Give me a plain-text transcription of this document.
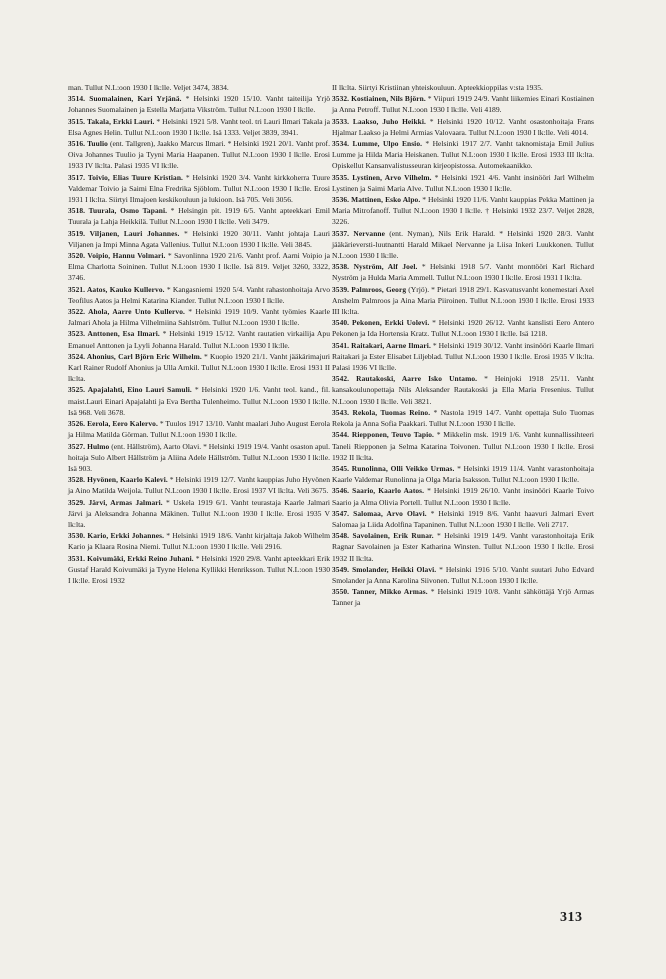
man. Tullut N.L:oon 1930 I lk:lle. Veljet 3474, 3834.

3514. Suomalainen, Kari Yrjänä. * Helsinki 1920 15/10. Vanht taiteilija Yrjö Johannes Suomalainen ja Estella Marjatta Vikström. Tullut N.L:oon 1930 I lk:lle.

3515. Takala, Erkki Lauri. * Helsinki 1921 5/8. Vanht teol. tri Lauri Ilmari Takala ja Elsa Agnes Helin. Tullut N.L:oon 1930 I lk:lle. Isä 1333. Veljet 3839, 3941.

3516. Tuulio (ent. Tallgren), Jaakko Marcus Ilmari. * Helsinki 1921 20/1. Vanht prof. Oiva Johannes Tuulio ja Tyyni Maria Haapanen. Tullut N.L:oon 1930 I lk:lle. Erosi 1933 IV lk:lta. Palasi 1935 VI lk:lle.

3517. Toivio, Elias Tuure Kristian. * Helsinki 1920 3/4. Vanht kirkkoherra Tuure Valdemar Toivio ja Saimi Elna Fredrika Sjöblom. Tullut N.L:oon 1930 I lk:lle. Erosi 1931 I lk:lta. Siirtyi Ilmajoen keskikouluun ja lukioon. Isä 705. Veli 3056.

3518. Tuurala, Osmo Tapani. * Helsingin pit. 1919 6/5. Vanht apteekkari Emil Tuurala ja Lahja Heikkilä. Tullut N.L:oon 1930 I lk:lle. Veli 3479.

3519. Viljanen, Lauri Johannes. * Helsinki 1920 30/11. Vanht johtaja Lauri Viljanen ja Impi Minna Agata Vallenius. Tullut N.L:oon 1930 I lk:lle. Veli 3845.

3520. Voipio, Hannu Volmari. * Savonlinna 1920 21/6. Vanht prof. Aarni Voipio ja Elma Charlotta Soininen. Tullut N.L:oon 1930 I lk:lle. Isä 819. Veljet 3260, 3322, 3746.

3521. Aatos, Kauko Kullervo. * Kangasniemi 1920 5/4. Vanht rahastonhoitaja Arvo Teofilus Aatos ja Helmi Katarina Kiander. Tullut N.L:oon 1930 I lk:lle.

3522. Ahola, Aarre Unto Kullervo. * Helsinki 1919 10/9. Vanht työmies Kaarle Jalmari Ahola ja Hilma Vilhelmiina Sahlström. Tullut N.L:oon 1930 I lk:lle.

3523. Anttonen, Esa Ilmari. * Helsinki 1919 15/12. Vanht rautatien virkailija Apu Emanuel Anttonen ja Lyyli Johanna Harald. Tullut N.L:oon 1930 I lk:lle.

3524. Ahonius, Carl Björn Eric Wilhelm. * Kuopio 1920 21/1. Vanht jääkärimajuri Karl Rainer Rudolf Ahonius ja Ulla Arnkil. Tullut N.L:oon 1930 I lk:lle. Erosi 1931 II lk:lta.

3525. Apajalahti, Eino Lauri Samuli. * Helsinki 1920 1/6. Vanht teol. kand., fil. maist.Lauri Einari Apajalahti ja Eva Bertha Tulenheimo. Tullut N.L:oon 1930 I lk:lle. Isä 968. Veli 3678.

3526. Eerola, Eero Kalervo. * Tuulos 1917 13/10. Vanht maalari Juho August Eerola ja Hilma Matilda Görman. Tullut N.L:oon 1930 I lk:lle.

3527. Hulmo (ent. Hällström), Aarto Olavi. * Helsinki 1919 19/4. Vanht osaston apul. hoitaja Sulo Albert Hällström ja Aliina Adele Hällström. Tullut N.L:oon 1930 I lk:lle. Isä 903.

3528. Hyvönen, Kaarlo Kalevi. * Helsinki 1919 12/7. Vanht kauppias Juho Hyvönen ja Aino Matilda Weijola. Tullut N.L:oon 1930 I lk:lle. Erosi 1937 VI lk:lta. Veli 3675.

3529. Järvi, Armas Jalmari. * Uskela 1919 6/1. Vanht teurastaja Kaarle Jalmari Järvi ja Aleksandra Johanna Mäkinen. Tullut N.L:oon 1930 I lk:lle. Erosi 1935 V lk:lta.

3530. Kario, Erkki Johannes. * Helsinki 1919 18/6. Vanht kirjaltaja Jakob Wilhelm Kario ja Klaara Rosina Niemi. Tullut N.L:oon 1930 I lk:lle. Veli 2916.

3531. Koivumäki, Erkki Reino Juhani. * Helsinki 1920 29/8. Vanht apteekkari Erik Gustaf Harald Koivumäki ja Tyyne Helena Kyllikki Henriksson. Tullut N.L:oon 1930 I lk:lle. Erosi 1932

II lk:lta. Siirtyi Kristiinan yhteiskouluun. Apteekkioppilas v:sta 1935.

3532. Kostiainen, Nils Björn. * Viipuri 1919 24/9. Vanht liikemies Einari Kostiainen ja Anna Petroff. Tullut N.L:oon 1930 I lk:lle. Veli 4189.

3533. Laakso, Juho Heikki. * Helsinki 1920 10/12. Vanht osastonhoitaja Frans Hjalmar Laakso ja Helmi Armias Valovaara. Tullut N.L:oon 1930 I lk:lle. Veli 4014.

3534. Lumme, Ulpo Ensio. * Helsinki 1917 2/7. Vanht taknomistaja Emil Julius Lumme ja Hilda Maria Heiskanen. Tullut N.L:oon 1930 I lk:lle. Erosi 1933 III lk:lta. Opiskellut Kansanvalistusseuran kirjeopistossa. Automekaanikko.

3535. Lystinen, Arvo Vilhelm. * Helsinki 1921 4/6. Vanht insinööri Jarl Wilhelm Lystinen ja Saimi Maria Alve. Tullut N.L:oon 1930 I lk:lle.

3536. Mattinen, Esko Alpo. * Helsinki 1920 11/6. Vanht kauppias Pekka Mattinen ja Maria Mitrofanoff. Tullut N.L:oon 1930 I lk:lle. † Helsinki 1932 23/7. Veljet 2828, 3226.

3537. Nervanne (ent. Nyman), Nils Erik Harald. * Helsinki 1920 28/3. Vanht jääkärieversti-luutnantti Harald Mikael Nervanne ja Liisa Inkeri Luukkonen. Tullut N.L:oon 1930 I lk:lle.

3538. Nyström, Alf Joel. * Helsinki 1918 5/7. Vanht monttööri Karl Richard Nyström ja Hulda Maria Ammell. Tullut N.L:oon 1930 I lk:lle. Erosi 1931 I lk:lta.

3539. Palmroos, Georg (Yrjö). * Pietari 1918 29/1. Kasvatusvanht konemestari Axel Anshelm Palmroos ja Aina Maria Piiroinen. Tullut N.L:oon 1930 I lk:lle. Erosi 1933 III lk:lta.

3540. Pekonen, Erkki Uolevi. * Helsinki 1920 26/12. Vanht kanslisti Eero Antero Pekonen ja Ida Hortensia Kratz. Tullut N.L:oon 1930 I lk:lle. Isä 1218.

3541. Raitakari, Aarne Ilmari. * Helsinki 1919 30/12. Vanht insinööri Kaarle Ilmari Raitakari ja Ester Elisabet Liljeblad. Tullut N.L:oon 1930 I lk:lle. Erosi 1935 V lk:lta. Palasi 1936 VI lk:lle.

3542. Rautakoski, Aarre Isko Untamo. * Heinjoki 1918 25/11. Vanht kansakoulunopettaja Nils Aleksander Rautakoski ja Ella Maria Fresenius. Tullut N.L:oon 1930 I lk:lle. Veli 3821.

3543. Rekola, Tuomas Reino. * Nastola 1919 14/7. Vanht opettaja Sulo Tuomas Rekola ja Anna Sofia Paakkari. Tullut N.L:oon 1930 I lk:lle.

3544. Riepponen, Teuvo Tapio. * Mikkelin msk. 1919 1/6. Vanht kunnallissihteeri Taneli Riepponen ja Selma Katarina Toivonen. Tullut N.L:oon 1930 I lk:lle. Erosi 1932 II lk:lta.

3545. Runolinna, Olli Veikko Urmas. * Helsinki 1919 11/4. Vanht varastonhoitaja Kaarle Valdemar Runolinna ja Olga Maria Isaksson. Tullut N.L:oon 1930 I lk:lle.

3546. Saario, Kaarlo Aatos. * Helsinki 1919 26/10. Vanht insinööri Kaarle Toivo Saario ja Alma Olivia Portell. Tullut N.L:oon 1930 I lk:lle.

3547. Salomaa, Arvo Olavi. * Helsinki 1919 8/6. Vanht haavuri Jalmari Evert Salomaa ja Liida Adolfina Tapaninen. Tullut N.L:oon 1930 I lk:lle. Veli 2717.

3548. Savolainen, Erik Runar. * Helsinki 1919 14/9. Vanht varastonhoitaja Erik Ragnar Savolainen ja Ester Katharina Winsten. Tullut N.L:oon 1930 I lk:lle. Erosi 1932 II lk:lta.

3549. Smolander, Heikki Olavi. * Helsinki 1916 5/10. Vanht suutari Juho Edvard Smolander ja Anna Karolina Siivonen. Tullut N.L:oon 1930 I lk:lle.

3550. Tanner, Mikko Armas. * Helsinki 1919 10/8. Vanht sähköttäjä Yrjö Armas Tanner ja

313
